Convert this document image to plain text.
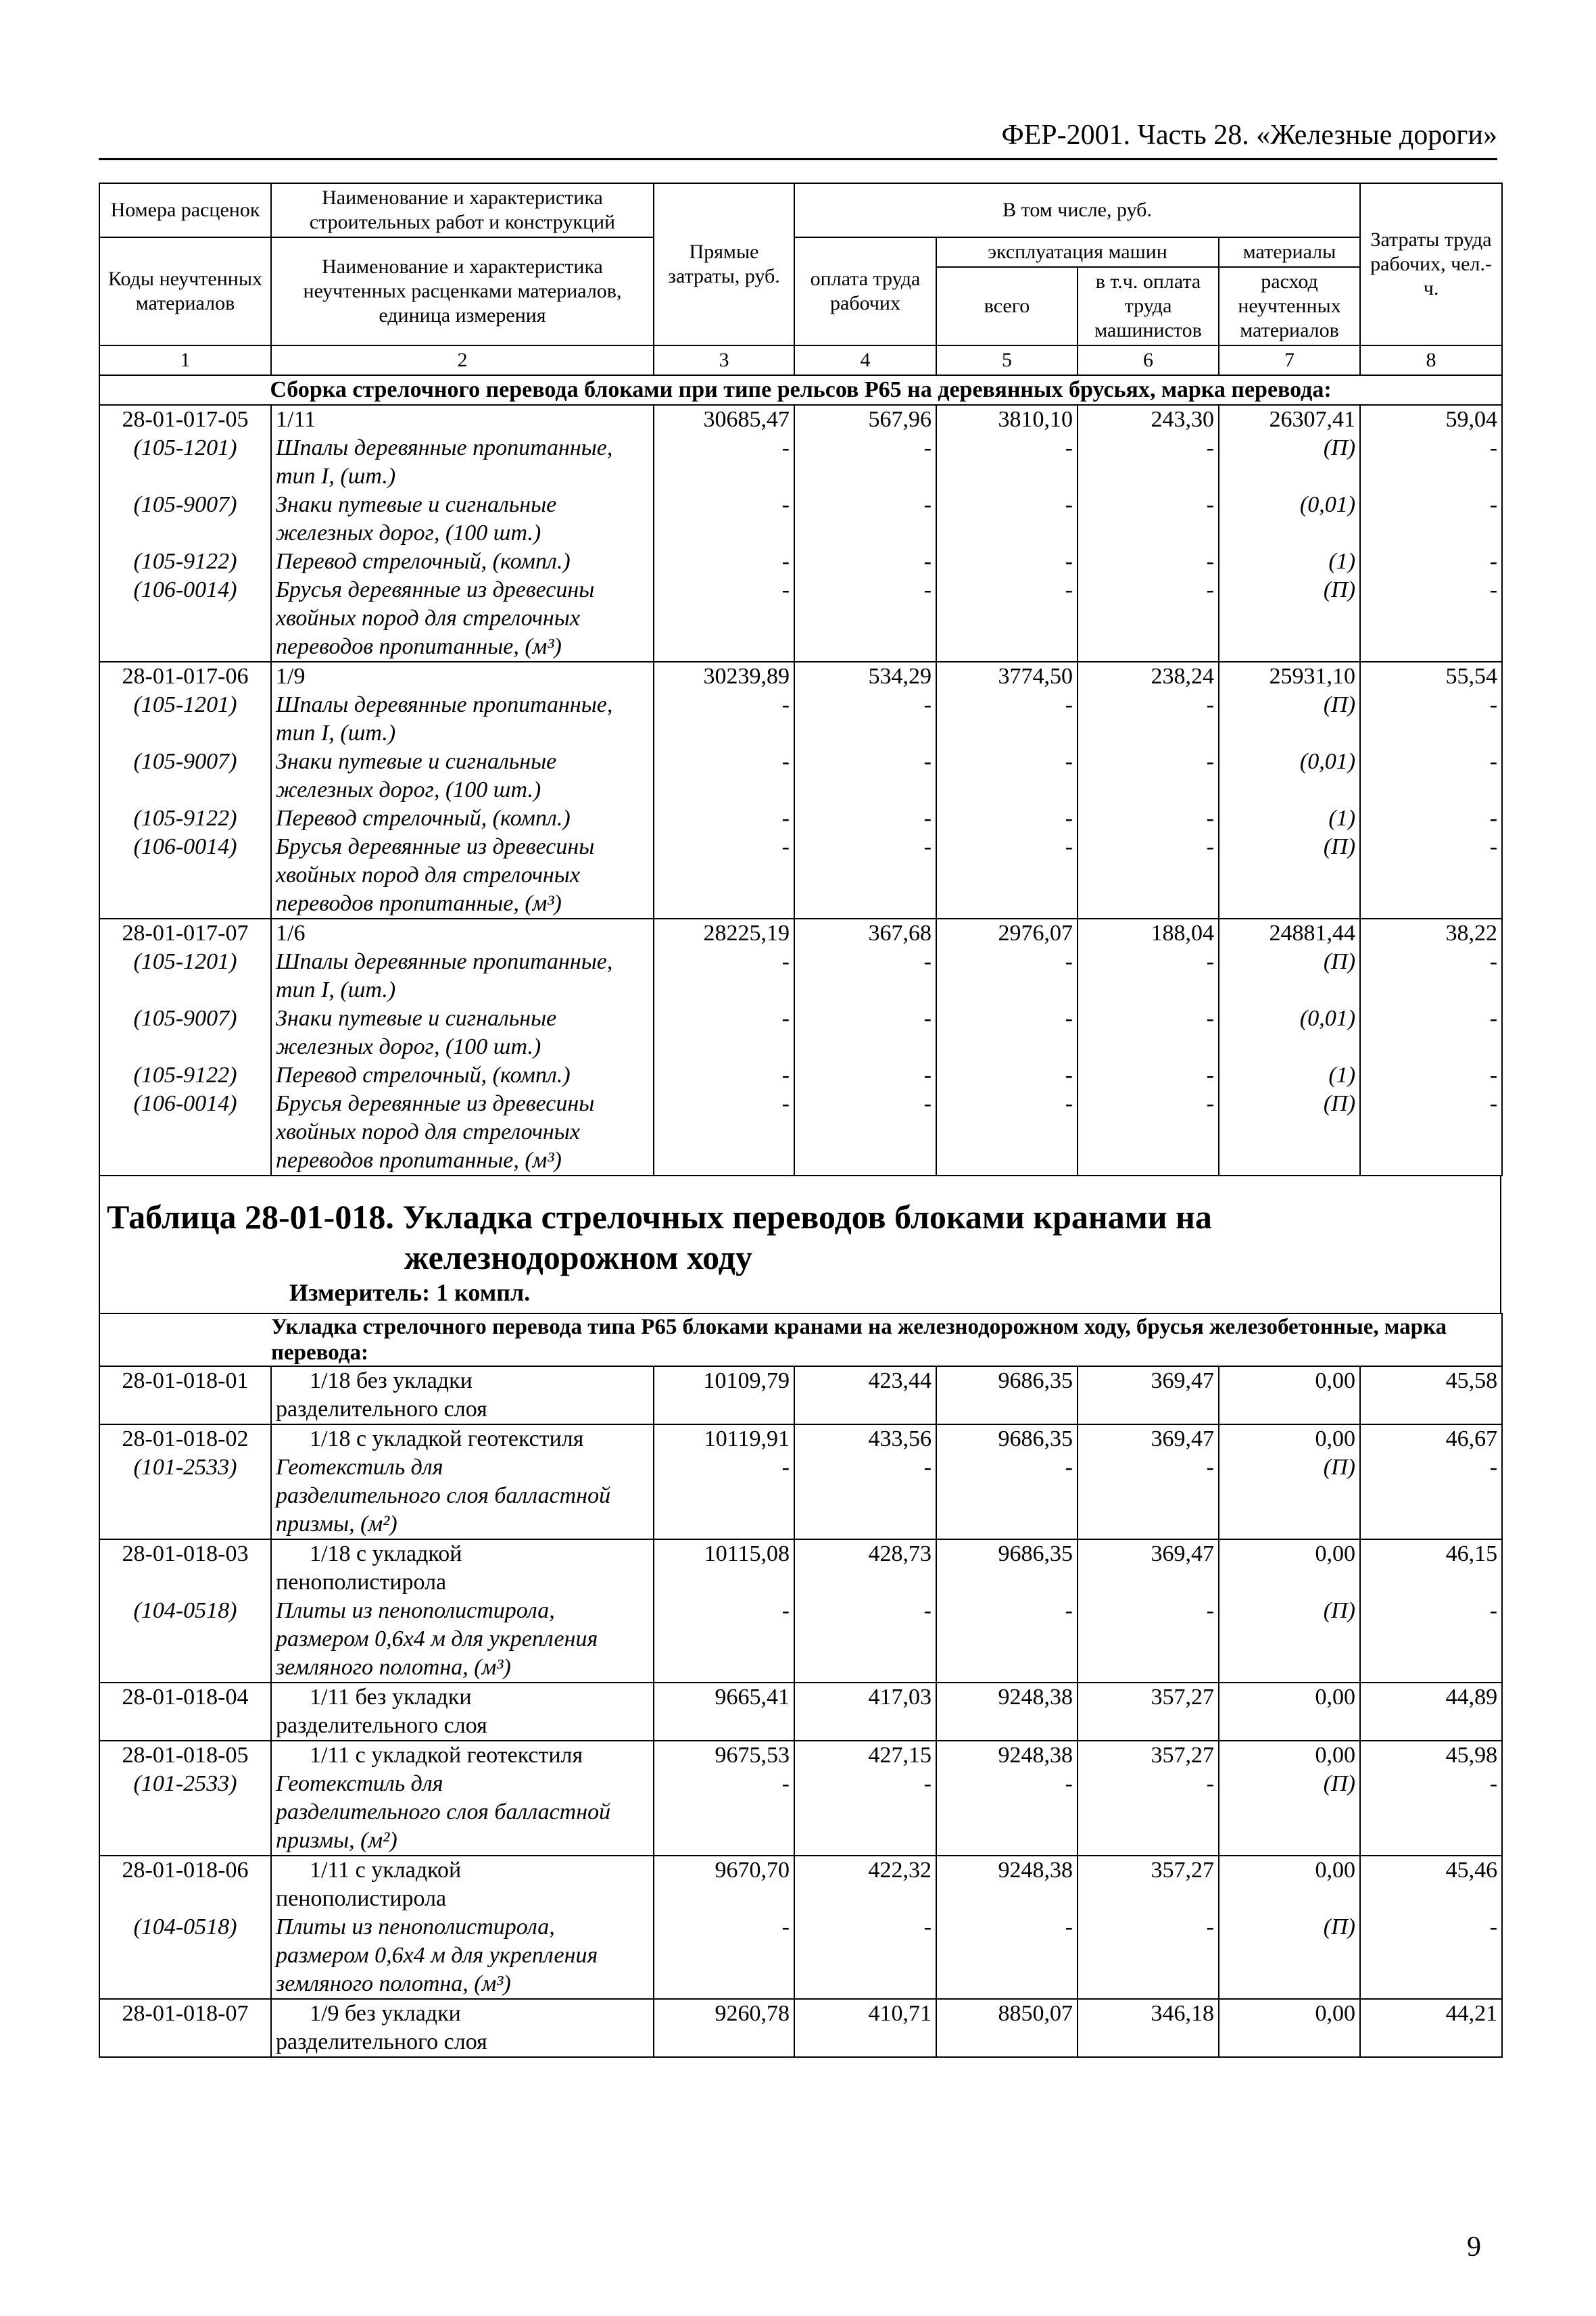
ФЕР-2001. Часть 28. «Железные дороги»
Номера расценок	Наименование и характеристика строительных работ и конструкций	Прямые затраты, руб.	В том числе, руб.				Затраты труда рабочих, чел.-ч.
Коды неучтенных материалов	Наименование и характеристика неучтенных расценками материалов, единица измерения		оплата труда рабочих	эксплуатация машин		материалы	
				всего	в т.ч. оплата труда машинистов	расход неучтенных материалов	
1	2	3	4	5	6	7	8
Сборка стрелочного перевода блоками при типе рельсов Р65 на деревянных брусьях, марка перевода:							
28-01-017-05	1/11	30685,47	567,96	3810,10	243,30	26307,41	59,04
(105-1201)	Шпалы деревянные пропитанные,
тип I, (шт.)	-	-	-	-	(П)	-
(105-9007)	Знаки путевые и сигнальные
железных дорог, (100 шт.)	-	-	-	-	(0,01)	-
(105-9122)	Перевод стрелочный, (компл.)	-	-	-	-	(1)	-
(106-0014)	Брусья деревянные из древесины
хвойных пород для стрелочных
переводов пропитанные, (м³)	-	-	-	-	(П)	-
28-01-017-06	1/9	30239,89	534,29	3774,50	238,24	25931,10	55,54
(105-1201)	Шпалы деревянные пропитанные,
тип I, (шт.)	-	-	-	-	(П)	-
(105-9007)	Знаки путевые и сигнальные
железных дорог, (100 шт.)	-	-	-	-	(0,01)	-
(105-9122)	Перевод стрелочный, (компл.)	-	-	-	-	(1)	-
(106-0014)	Брусья деревянные из древесины
хвойных пород для стрелочных
переводов пропитанные, (м³)	-	-	-	-	(П)	-
28-01-017-07	1/6	28225,19	367,68	2976,07	188,04	24881,44	38,22
(105-1201)	Шпалы деревянные пропитанные,
тип I, (шт.)	-	-	-	-	(П)	-
(105-9007)	Знаки путевые и сигнальные
железных дорог, (100 шт.)	-	-	-	-	(0,01)	-
(105-9122)	Перевод стрелочный, (компл.)	-	-	-	-	(1)	-
(106-0014)	Брусья деревянные из древесины
хвойных пород для стрелочных
переводов пропитанные, (м³)	-	-	-	-	(П)	-
Таблица 28-01-018. Укладка стрелочных переводов блоками кранами на
железнодорожном ходу
Измеритель: 1 компл.
	Укладка стрелочного перевода типа Р65 блоками кранами на железнодорожном ходу, брусья железобетонные, марка перевода:						
28-01-018-01	1/18 без укладки
разделительного слоя	10109,79	423,44	9686,35	369,47	0,00	45,58
28-01-018-02	1/18 с укладкой геотекстиля	10119,91	433,56	9686,35	369,47	0,00	46,67
(101-2533)	Геотекстиль для
разделительного слоя балластной
призмы, (м²)	-	-	-	-	(П)	-
28-01-018-03	1/18 с укладкой
пенополистирола	10115,08	428,73	9686,35	369,47	0,00	46,15
(104-0518)	Плиты из пенополистирола,
размером 0,6х4 м для укрепления
земляного полотна, (м³)	-	-	-	-	(П)	-
28-01-018-04	1/11 без укладки
разделительного слоя	9665,41	417,03	9248,38	357,27	0,00	44,89
28-01-018-05	1/11 с укладкой геотекстиля	9675,53	427,15	9248,38	357,27	0,00	45,98
(101-2533)	Геотекстиль для
разделительного слоя балластной
призмы, (м²)	-	-	-	-	(П)	-
28-01-018-06	1/11 с укладкой
пенополистирола	9670,70	422,32	9248,38	357,27	0,00	45,46
(104-0518)	Плиты из пенополистирола,
размером 0,6х4 м для укрепления
земляного полотна, (м³)	-	-	-	-	(П)	-
28-01-018-07	1/9 без укладки
разделительного слоя	9260,78	410,71	8850,07	346,18	0,00	44,21
9
